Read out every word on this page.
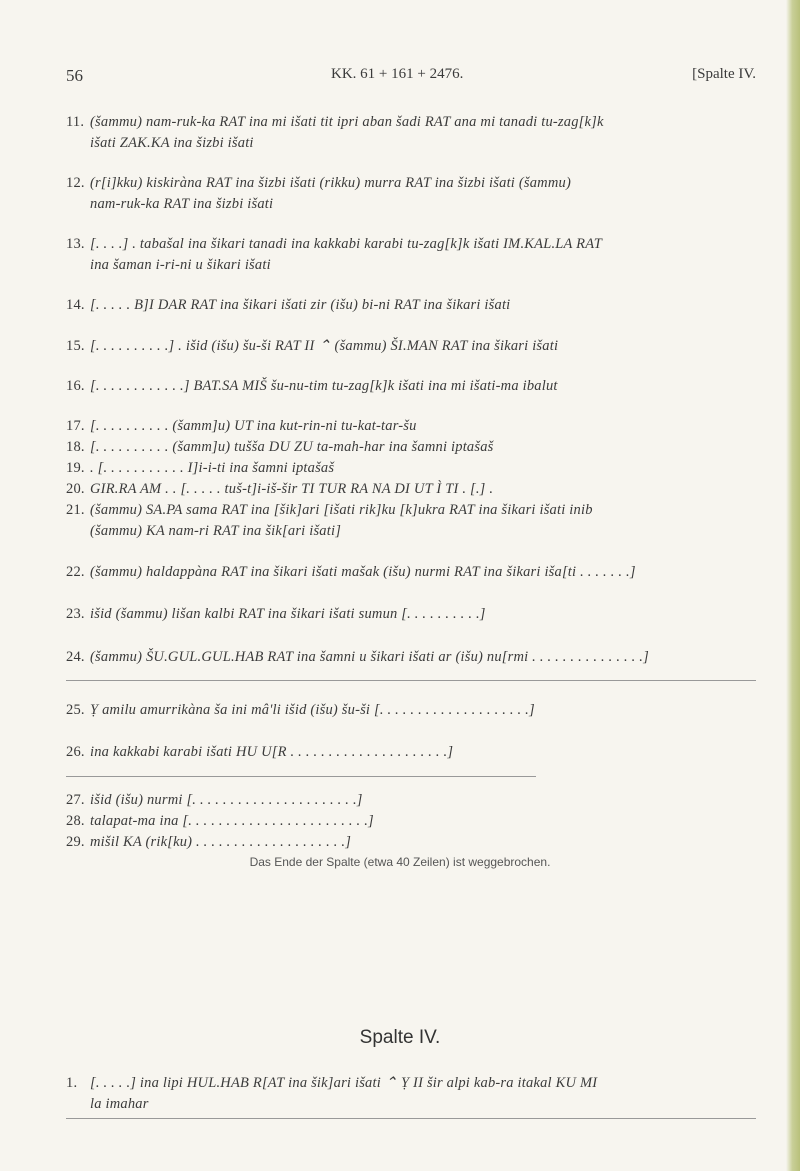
56	KK. 61 + 161 + 2476.	[Spalte IV.
11. (šammu) nam-ruk-ka RAT ina mi išati tit ipri aban šadi RAT ana mi tanadi tu-zag[k]k
išati ZAK.KA ina šizbi išati
12. (r[i]kku) kiskiràna RAT ina šizbi išati (rikku) murra RAT ina šizbi išati (šammu)
nam-ruk-ka RAT ina šizbi išati
13. [. . . .] . tabašal ina šikari tanadi ina kakkabi karabi tu-zag[k]k išati IM.KAL.LA RAT
ina šaman i-ri-ni u šikari išati
14. [. . . . . B]I DAR RAT ina šikari išati zir (išu) bi-ni RAT ina šikari išati
15. [. . . . . . . . . .] . išid (išu) šu-ši RAT II ⌃ (šammu) ŠI.MAN RAT ina šikari išati
16. [. . . . . . . . . . . .] BAT.SA MIŠ šu-nu-tim tu-zag[k]k išati ina mi išati-ma ibalut
17. [. . . . . . . . . . (šamm]u) UT ina kut-rin-ni tu-kat-tar-šu
18. [. . . . . . . . . . (šamm]u) tušša DU ZU ta-mah-har ina šamni iptašaš
19. . [. . . . . . . . . . . I]i-i-ti ina šamni iptašaš
20. GIR.RA AM . . [. . . . . tuš-t]i-iš-šir TI TUR RA NA DI UT Ì TI . [.] .
21. (šammu) SA.PA sama RAT ina [šik]ari [išati rik]ku [k]ukra RAT ina šikari išati inib
(šammu) KA nam-ri RAT ina šik[ari išati]
22. (šammu) haldappàna RAT ina šikari išati mašak (išu) nurmi RAT ina šikari iša[ti . . . . . . .]
23. išid (šammu) lišan kalbi RAT ina šikari išati sumun [. . . . . . . . . .]
24. (šammu) ŠU.GUL.GUL.HAB RAT ina šamni u šikari išati ar (išu) nu[rmi . . . . . . . . . . . . . . .]
25. Ỵ amilu amurrikàna ša ini mâ'li išid (išu) šu-ši [. . . . . . . . . . . . . . . . . . . .]
26. ina kakkabi karabi išati HU U[R . . . . . . . . . . . . . . . . . . . . .]
27. išid (išu) nurmi [. . . . . . . . . . . . . . . . . . . . . .]
28. talapat-ma ina [. . . . . . . . . . . . . . . . . . . . . . . .]
29. mišil KA (rik[ku) . . . . . . . . . . . . . . . . . . . .]
Das Ende der Spalte (etwa 40 Zeilen) ist weggebrochen.
Spalte IV.
1. [. . . . .] ina lipi HUL.HAB R[AT ina šik]ari išati ⌃ Ỵ II šir alpi kab-ra itakal KU MI
la imahar
